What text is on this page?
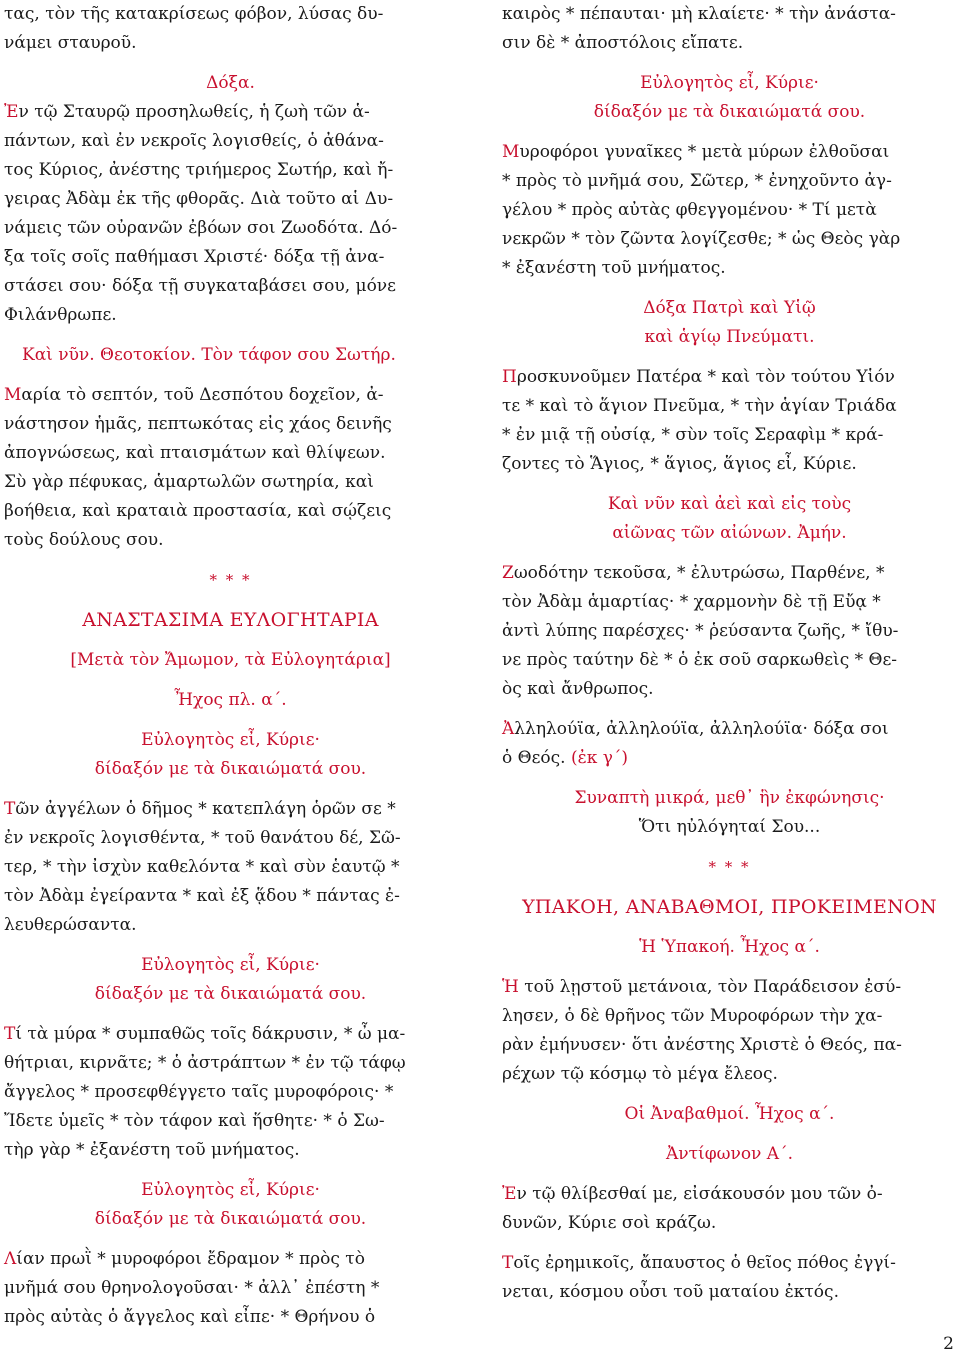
τας, τὸν τῆς κατακρίσεως φόβον, λύσας δυ-
νάμει σταυροῦ.
Δόξα.
Ἐν τῷ Σταυρῷ προσηλωθείς, ἡ ζωὴ τῶν ἁ-
πάντων, καὶ ἐν νεκροῖς λογισθείς, ὁ ἀθάνα-
τος Κύριος, ἀνέστης τριήμερος Σωτήρ, καὶ ἤ-
γειρας Ἀδὰμ ἐκ τῆς φθορᾶς. Διὰ τοῦτο αἱ Δυ-
νάμεις τῶν οὐρανῶν ἐβόων σοι Ζωοδότα. Δό-
ξα τοῖς σοῖς παθήμασι Χριστέ· δόξα τῇ ἀνα-
στάσει σου· δόξα τῇ συγκαταβάσει σου, μόνε
Φιλάνθρωπε.
Καὶ νῦν. Θεοτοκίον. Τὸν τάφον σου Σωτήρ.
Μαρία τὸ σεπτόν, τοῦ Δεσπότου δοχεῖον, ἀ-
νάστησον ἡμᾶς, πεπτωκότας εἰς χάος δεινῆς
ἀπογνώσεως, καὶ πταισμάτων καὶ θλίψεων.
Σὺ γὰρ πέφυκας, ἁμαρτωλῶν σωτηρία, καὶ
βοήθεια, καὶ κραταιὰ προστασία, καὶ σῴζεις
τοὺς δούλους σου.
* * *
ΑΝΑΣΤΑΣΙΜΑ ΕΥΛΟΓΗΤΑΡΙΑ
[Μετὰ τὸν Ἄμωμον, τὰ Εὐλογητάρια]
Ἦχος πλ. α΄.
Εὐλογητὸς εἶ, Κύριε·
δίδαξόν με τὰ δικαιώματά σου.
Τῶν ἀγγέλων ὁ δῆμος * κατεπλάγη ὁρῶν σε *
ἐν νεκροῖς λογισθέντα, * τοῦ θανάτου δέ, Σῶ-
τερ, * τὴν ἰσχὺν καθελόντα * καὶ σὺν ἑαυτῷ *
τὸν Ἀδὰμ ἐγείραντα * καὶ ἐξ ᾅδου * πάντας ἐ-
λευθερώσαντα.
Εὐλογητὸς εἶ, Κύριε·
δίδαξόν με τὰ δικαιώματά σου.
Τί τὰ μύρα * συμπαθῶς τοῖς δάκρυσιν, * ὦ μα-
θήτριαι, κιρνᾶτε; * ὁ ἀστράπτων * ἐν τῷ τάφῳ
ἄγγελος * προσεφθέγγετο ταῖς μυροφόροις· *
Ἴδετε ὑμεῖς * τὸν τάφον καὶ ἥσθητε· * ὁ Σω-
τὴρ γὰρ * ἐξανέστη τοῦ μνήματος.
Εὐλογητὸς εἶ, Κύριε·
δίδαξόν με τὰ δικαιώματά σου.
Λίαν πρωῒ * μυροφόροι ἔδραμον * πρὸς τὸ
μνῆμά σου θρηνολογοῦσαι· * ἀλλ᾽ ἐπέστη *
πρὸς αὐτὰς ὁ ἄγγελος καὶ εἶπε· * Θρήνου ὁ
καιρὸς * πέπαυται· μὴ κλαίετε· * τὴν ἀνάστα-
σιν δὲ * ἀποστόλοις εἴπατε.
Εὐλογητὸς εἶ, Κύριε·
δίδαξόν με τὰ δικαιώματά σου.
Μυροφόροι γυναῖκες * μετὰ μύρων ἐλθοῦσαι
* πρὸς τὸ μνῆμά σου, Σῶτερ, * ἐνηχοῦντο ἀγ-
γέλου * πρὸς αὐτὰς φθεγγομένου· * Τί μετὰ
νεκρῶν * τὸν ζῶντα λογίζεσθε; * ὡς Θεὸς γὰρ
* ἐξανέστη τοῦ μνήματος.
Δόξα Πατρὶ καὶ Υἱῷ
καὶ ἁγίῳ Πνεύματι.
Προσκυνοῦμεν Πατέρα * καὶ τὸν τούτου Υἱόν
τε * καὶ τὸ ἅγιον Πνεῦμα, * τὴν ἁγίαν Τριάδα
* ἐν μιᾷ τῇ οὐσίᾳ, * σὺν τοῖς Σεραφὶμ * κρά-
ζοντες τὸ Ἅγιος, * ἅγιος, ἅγιος εἶ, Κύριε.
Καὶ νῦν καὶ ἀεὶ καὶ εἰς τοὺς
αἰῶνας τῶν αἰώνων. Ἀμήν.
Ζωοδότην τεκοῦσα, * ἐλυτρώσω, Παρθένε, *
τὸν Ἀδὰμ ἁμαρτίας· * χαρμονὴν δὲ τῇ Εὔᾳ *
ἀντὶ λύπης παρέσχες· * ῥεύσαντα ζωῆς, * ἴθυ-
νε πρὸς ταύτην δὲ * ὁ ἐκ σοῦ σαρκωθεὶς * Θε-
ὸς καὶ ἄνθρωπος.
Ἀλληλούϊα, ἀλληλούϊα, ἀλληλούϊα· δόξα σοι
ὁ Θεός. (ἐκ γ΄)
Συναπτὴ μικρά, μεθ᾽ ἣν ἐκφώνησις·
Ὅτι ηὐλόγηταί Σου...
* * *
ΥΠΑΚΟΗ, ΑΝΑΒΑΘΜΟΙ, ΠΡΟΚΕΙΜΕΝΟΝ
Ἡ Ὑπακοή. Ἦχος α΄.
Ἡ τοῦ λῃστοῦ μετάνοια, τὸν Παράδεισον ἐσύ-
λησεν, ὁ δὲ θρῆνος τῶν Μυροφόρων τὴν χα-
ρὰν ἐμήνυσεν· ὅτι ἀνέστης Χριστὲ ὁ Θεός, πα-
ρέχων τῷ κόσμῳ τὸ μέγα ἔλεος.
Οἱ Ἀναβαθμοί. Ἦχος α΄.
Ἀντίφωνον Α΄.
Ἐν τῷ θλίβεσθαί με, εἰσάκουσόν μου τῶν ὀ-
δυνῶν, Κύριε σοὶ κράζω.
Τοῖς ἐρημικοῖς, ἄπαυστος ὁ θεῖος πόθος ἐγγί-
νεται, κόσμου οὖσι τοῦ ματαίου ἐκτός.
2
